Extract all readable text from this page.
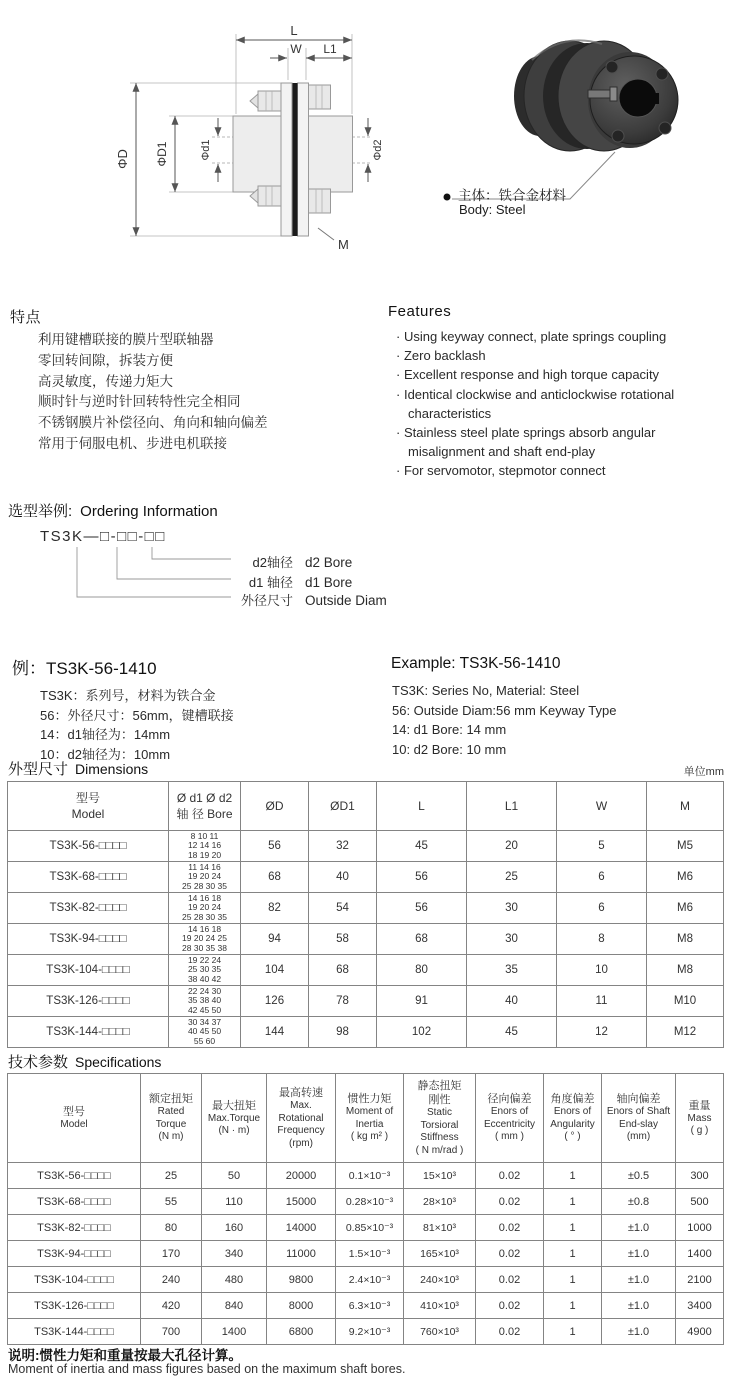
L
W L1
ΦD ΦD1	Φd1	Φd2
M
主体：铁合金材料
Body: Steel
特点
利用键槽联接的膜片型联轴器
零回转间隙，拆装方便
高灵敏度，传递力矩大
顺时针与逆时针回转特性完全相同
不锈钢膜片补偿径向、角向和轴向偏差
常用于伺服电机、步进电机联接
Features
· Using keyway connect, plate springs coupling
· Zero backlash
· Excellent response and high torque capacity
· Identical clockwise and anticlockwise rotational characteristics
· Stainless steel plate springs absorb angular misalignment and shaft end-play
· For servomotor, stepmotor connect
选型举例: Ordering Information
TS3K—□-□□-□□
d2轴径 d2 Bore
d1 轴径 d1 Bore
外径尺寸 Outside Diam
例：TS3K-56-1410
TS3K：系列号，材料为铁合金
56：外径尺寸：56mm，键槽联接
14：d1轴径为：14mm
10：d2轴径为：10mm
Example: TS3K-56-1410
TS3K: Series No, Material: Steel
56: Outside Diam:56 mm Keyway Type
14: d1 Bore: 14 mm
10: d2 Bore: 10 mm
外型尺寸 Dimensions	单位mm
型号
Model

Ø d1 Ø d2
轴 径 Bore

ØD	ØD1	L	L1	W	M

TS3K-56-□□□□	8 10 11
12 14 16
18 19 20	56	32	45	20	5	M5
TS3K-68-□□□□	11 14 16
19 20 24
25 28 30 35	68	40	56	25	6	M6
TS3K-82-□□□□	14 16 18
19 20 24
25 28 30 35	82	54	56	30	6	M6
TS3K-94-□□□□	14 16 18
19 20 24 25
28 30 35 38	94	58	68	30	8	M8
TS3K-104-□□□□	19 22 24
25 30 35
38 40 42	104	68	80	35	10	M8
TS3K-126-□□□□	22 24 30
35 38 40
42 45 50	126	78	91	40	11	M10
TS3K-144-□□□□	30 34 37
40 45 50
55 60	144	98	102	45	12	M12
技术参数 Specifications
型号
Model

额定扭矩
Rated
Torque
(N m)

最大扭矩
Max.Torque
(N · m)

最高转速
Max.
Rotational
Frequency
(rpm)

惯性力矩
Moment of
Inertia
( kg m² )

静态扭矩
刚性
Static
Torsioral
Stiffness
( N m/rad )

径向偏差
Enors of
Eccentricity
( mm )

角度偏差
Enors of
Angularity
( ° )

轴向偏差
Enors of Shaft
End-slay
(mm)

重量
Mass
( g )

TS3K-56-□□□□	25	50	20000	0.1×10⁻³	15×10³	0.02	1	±0.5	300
TS3K-68-□□□□	55	110	15000	0.28×10⁻³	28×10³	0.02	1	±0.8	500
TS3K-82-□□□□	80	160	14000	0.85×10⁻³	81×10³	0.02	1	±1.0	1000
TS3K-94-□□□□	170	340	11000	1.5×10⁻³	165×10³	0.02	1	±1.0	1400
TS3K-104-□□□□	240	480	9800	2.4×10⁻³	240×10³	0.02	1	±1.0	2100
TS3K-126-□□□□	420	840	8000	6.3×10⁻³	410×10³	0.02	1	±1.0	3400
TS3K-144-□□□□	700	1400	6800	9.2×10⁻³	760×10³	0.02	1	±1.0	4900
说明:惯性力矩和重量按最大孔径计算。
Moment of inertia and mass figures based on the maximum shaft bores.
